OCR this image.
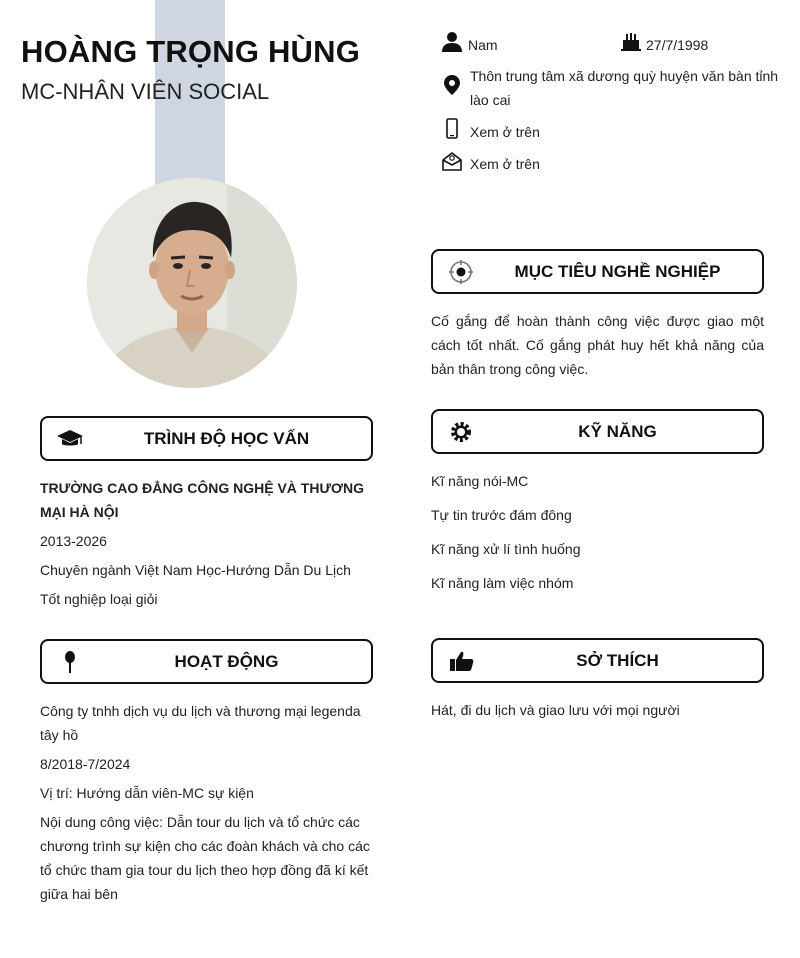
HOÀNG TRỌNG HÙNG
MC-NHÂN VIÊN SOCIAL
Nam	27/7/1998
Thôn trung tâm xã dương quỳ huyện văn bàn tỉnh lào cai
Xem ở trên
Xem ở trên
MỤC TIÊU NGHỀ NGHIỆP
Cố gắng để hoàn thành công việc được giao một cách tốt nhất. Cố gắng phát huy hết khả năng của bản thân trong công việc.
TRÌNH ĐỘ HỌC VẤN
TRƯỜNG CAO ĐẲNG CÔNG NGHỆ VÀ THƯƠNG MẠI HÀ NỘI
2013-2026
Chuyên ngành Việt Nam Học-Hướng Dẫn Du Lịch
Tốt nghiệp loại giỏi
KỸ NĂNG
Kĩ năng nói-MC
Tự tin trước đám đông
Kĩ năng xử lí tình huống
Kĩ năng làm việc nhóm
HOẠT ĐỘNG
Công ty tnhh dịch vụ du lịch và thương mại legenda tây hồ
8/2018-7/2024
Vị trí: Hướng dẫn viên-MC sự kiện
Nội dung công việc: Dẫn tour du lịch và tổ chức các chương trình sự kiện cho các đoàn khách và cho các tổ chức tham gia tour du lịch theo hợp đồng đã kí kết giữa hai bên
SỞ THÍCH
Hát, đi du lịch và giao lưu với mọi người
